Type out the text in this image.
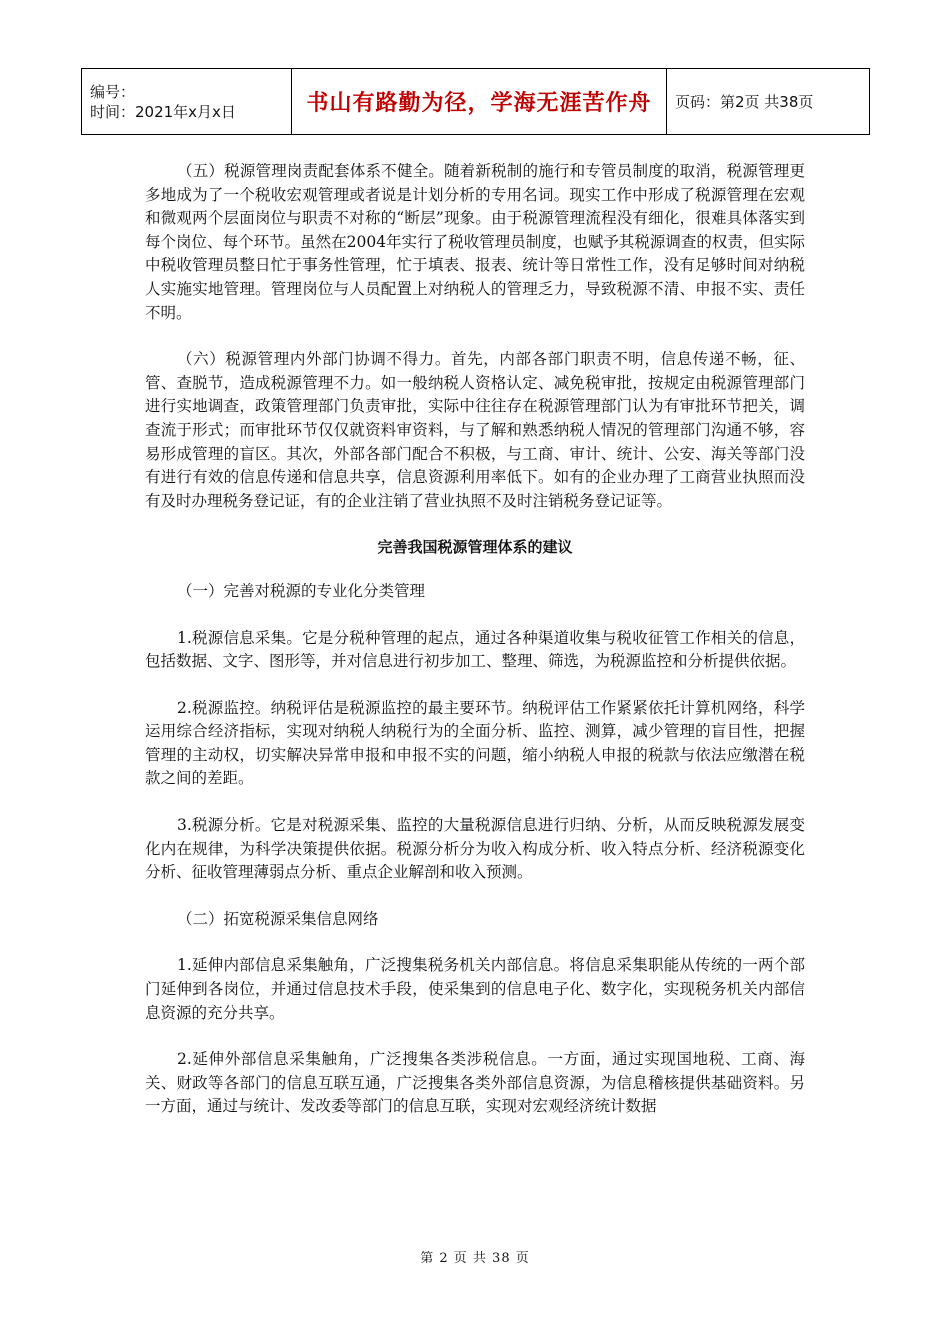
编号：
时间：2021年x月x日	书山有路勤为径，学海无涯苦作舟	页码：第2页 共38页

（五）税源管理岗责配套体系不健全。随着新税制的施行和专管员制度的取消，税源管理更多地成为了一个税收宏观管理或者说是计划分析的专用名词。现实工作中形成了税源管理在宏观和微观两个层面岗位与职责不对称的“断层”现象。由于税源管理流程没有细化，很难具体落实到每个岗位、每个环节。虽然在2004年实行了税收管理员制度，也赋予其税源调查的权责，但实际中税收管理员整日忙于事务性管理，忙于填表、报表、统计等日常性工作，没有足够时间对纳税人实施实地管理。管理岗位与人员配置上对纳税人的管理乏力，导致税源不清、申报不实、责任不明。

（六）税源管理内外部门协调不得力。首先，内部各部门职责不明，信息传递不畅，征、管、查脱节，造成税源管理不力。如一般纳税人资格认定、减免税审批，按规定由税源管理部门进行实地调查，政策管理部门负责审批，实际中往往存在税源管理部门认为有审批环节把关，调查流于形式；而审批环节仅仅就资料审资料，与了解和熟悉纳税人情况的管理部门沟通不够，容易形成管理的盲区。其次，外部各部门配合不积极，与工商、审计、统计、公安、海关等部门没有进行有效的信息传递和信息共享，信息资源利用率低下。如有的企业办理了工商营业执照而没有及时办理税务登记证，有的企业注销了营业执照不及时注销税务登记证等。

完善我国税源管理体系的建议

（一）完善对税源的专业化分类管理

1.税源信息采集。它是分税种管理的起点，通过各种渠道收集与税收征管工作相关的信息，包括数据、文字、图形等，并对信息进行初步加工、整理、筛选，为税源监控和分析提供依据。

2.税源监控。纳税评估是税源监控的最主要环节。纳税评估工作紧紧依托计算机网络，科学运用综合经济指标，实现对纳税人纳税行为的全面分析、监控、测算，减少管理的盲目性，把握管理的主动权，切实解决异常申报和申报不实的问题，缩小纳税人申报的税款与依法应缴潜在税款之间的差距。

3.税源分析。它是对税源采集、监控的大量税源信息进行归纳、分析，从而反映税源发展变化内在规律，为科学决策提供依据。税源分析分为收入构成分析、收入特点分析、经济税源变化分析、征收管理薄弱点分析、重点企业解剖和收入预测。

（二）拓宽税源采集信息网络

1.延伸内部信息采集触角，广泛搜集税务机关内部信息。将信息采集职能从传统的一两个部门延伸到各岗位，并通过信息技术手段，使采集到的信息电子化、数字化，实现税务机关内部信息资源的充分共享。

2.延伸外部信息采集触角，广泛搜集各类涉税信息。一方面，通过实现国地税、工商、海关、财政等各部门的信息互联互通，广泛搜集各类外部信息资源，为信息稽核提供基础资料。另一方面，通过与统计、发改委等部门的信息互联，实现对宏观经济统计数据

第 2 页 共 38 页
